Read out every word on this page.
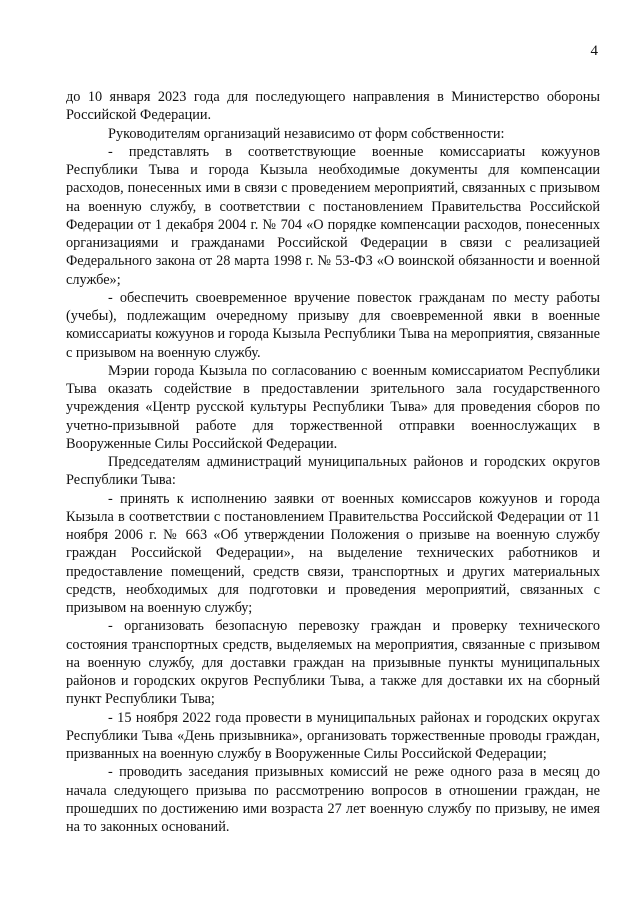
4

до 10 января 2023 года для последующего направления в Министерство обороны Российской Федерации.

Руководителям организаций независимо от форм собственности:

- представлять в соответствующие военные комиссариаты кожуунов Республики Тыва и города Кызыла необходимые документы для компенсации расходов, понесенных ими в связи с проведением мероприятий, связанных с призывом на военную службу, в соответствии с постановлением Правительства Российской Федерации от 1 декабря 2004 г. № 704 «О порядке компенсации расходов, понесенных организациями и гражданами Российской Федерации в связи с реализацией Федерального закона от 28 марта 1998 г. № 53-ФЗ «О воинской обязанности и военной службе»;

- обеспечить своевременное вручение повесток гражданам по месту работы (учебы), подлежащим очередному призыву для своевременной явки в военные комиссариаты кожуунов и города Кызыла Республики Тыва на мероприятия, связанные с призывом на военную службу.

Мэрии города Кызыла по согласованию с военным комиссариатом Республики Тыва оказать содействие в предоставлении зрительного зала государственного учреждения «Центр русской культуры Республики Тыва» для проведения сборов по учетно-призывной работе для торжественной отправки военнослужащих в Вооруженные Силы Российской Федерации.

Председателям администраций муниципальных районов и городских округов Республики Тыва:

- принять к исполнению заявки от военных комиссаров кожуунов и города Кызыла в соответствии с постановлением Правительства Российской Федерации от 11 ноября 2006 г. № 663 «Об утверждении Положения о призыве на военную службу граждан Российской Федерации», на выделение технических работников и предоставление помещений, средств связи, транспортных и других материальных средств, необходимых для подготовки и проведения мероприятий, связанных с призывом на военную службу;

- организовать безопасную перевозку граждан и проверку технического состояния транспортных средств, выделяемых на мероприятия, связанные с призывом на военную службу, для доставки граждан на призывные пункты муниципальных районов и городских округов Республики Тыва, а также для доставки их на сборный пункт Республики Тыва;

- 15 ноября 2022 года провести в муниципальных районах и городских округах Республики Тыва «День призывника», организовать торжественные проводы граждан, призванных на военную службу в Вооруженные Силы Российской Федерации;

- проводить заседания призывных комиссий не реже одного раза в месяц до начала следующего призыва по рассмотрению вопросов в отношении граждан, не прошедших по достижению ими возраста 27 лет военную службу по призыву, не имея на то законных оснований.
